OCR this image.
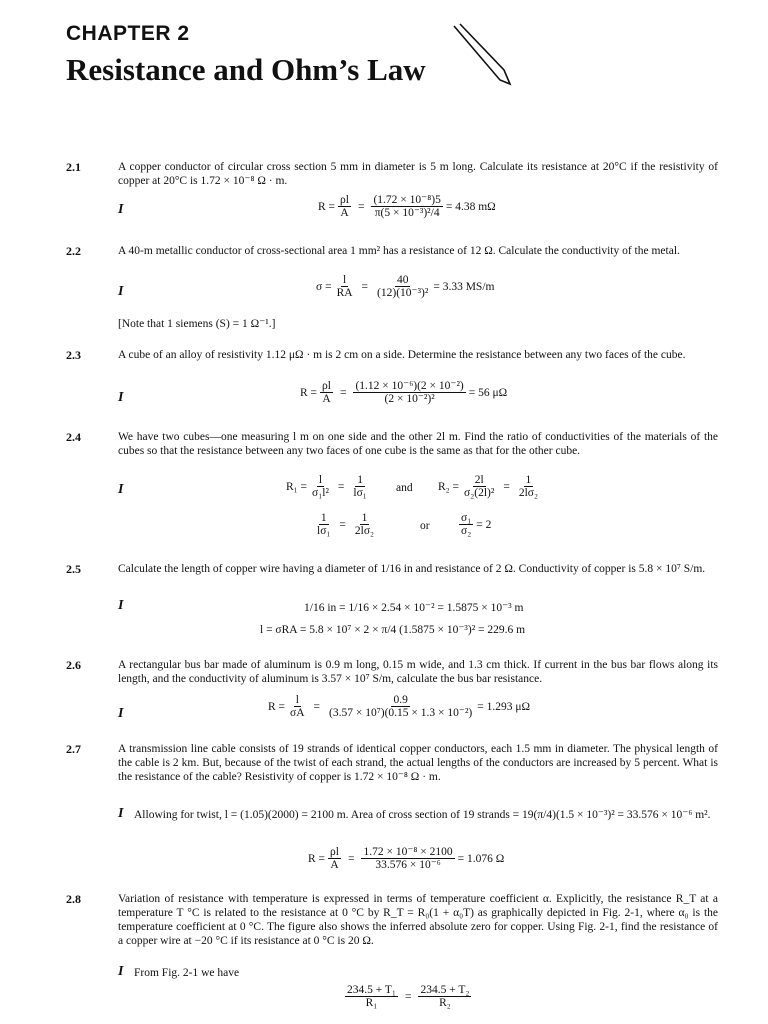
CHAPTER 2
Resistance and Ohm’s Law
2.1	A copper conductor of circular cross section 5 mm in diameter is 5 m long. Calculate its resistance at 20°C if the resistivity of copper at 20°C is 1.72 × 10⁻⁸ Ω · m.
I	$R = \frac{\rho l}{A} = \frac{\text{(1.72 × 10⁻⁸)5}}{\text{π(5 × 10⁻³)²/4}} = 4.38$ mΩ
2.2	A 40-m metallic conductor of cross-sectional area 1 mm² has a resistance of 12 Ω. Calculate the conductivity of the metal.
I	$\sigma = \frac{l}{RA} = \frac{40}{\text{(12)(10⁻³)²}} = 3.33$ MS/m
[Note that 1 siemens (S) = 1 Ω⁻¹.]
2.3	A cube of an alloy of resistivity 1.12 μΩ · m is 2 cm on a side. Determine the resistance between any two faces of the cube.
I	$R = \frac{\rho l}{A} = \frac{\text{(1.12 × 10⁻⁶)(2 × 10⁻²)}}{\text{(2 × 10⁻²)²}} = 56$ μΩ
2.4	We have two cubes—one measuring l m on one side and the other 2l m. Find the ratio of conductivities of the materials of the cubes so that the resistance between any two faces of one cube is the same as that for the other cube.
I	$R_1 = \frac{l}{\text{σ₁l²}} = \frac{1}{\text{lσ₁}}$ and $R_2 = \frac{2l}{\text{σ₂(2l)²}} = \frac{1}{\text{2lσ₂}}$
$\frac{1}{\text{lσ₁}} = \frac{1}{\text{2lσ₂}}$	or	$\frac{\text{σ₁}}{\text{σ₂}} = 2$
2.5	Calculate the length of copper wire having a diameter of 1/16 in and resistance of 2 Ω. Conductivity of copper is 5.8 × 10⁷ S/m.
I	1/16 in = 1/16 × 2.54 × 10⁻² = 1.5875 × 10⁻³ m
l = σRA = 5.8 × 10⁷ × 2 × π/4 (1.5875 × 10⁻³)² = 229.6 m
2.6	A rectangular bus bar made of aluminum is 0.9 m long, 0.15 m wide, and 1.3 cm thick. If current in the bus bar flows along its length, and the conductivity of aluminum is 3.57 × 10⁷ S/m, calculate the bus bar resistance.
I	$R = \frac{l}{\sigma A} = \frac{0.9}{\text{(3.57 × 10⁷)(0.15 × 1.3 × 10⁻²)}} = 1.293$ μΩ
2.7	A transmission line cable consists of 19 strands of identical copper conductors, each 1.5 mm in diameter. The physical length of the cable is 2 km. But, because of the twist of each strand, the actual lengths of the conductors are increased by 5 percent. What is the resistance of the cable? Resistivity of copper is 1.72 × 10⁻⁸ Ω · m.
I Allowing for twist, l = (1.05)(2000) = 2100 m. Area of cross section of 19 strands = 19(π/4)(1.5 × 10⁻³)² = 33.576 × 10⁻⁶ m².
$R = \frac{\rho l}{A} = \frac{\text{1.72 × 10⁻⁸ × 2100}}{\text{33.576 × 10⁻⁶}} = 1.076$ Ω
2.8	Variation of resistance with temperature is expressed in terms of temperature coefficient α. Explicitly, the resistance R_T at a temperature T °C is related to the resistance at 0 °C by R_T = R₀(1 + α₀T) as graphically depicted in Fig. 2-1, where α₀ is the temperature coefficient at 0 °C. The figure also shows the inferred absolute zero for copper. Using Fig. 2-1, find the resistance of a copper wire at −20 °C if its resistance at 0 °C is 20 Ω.
I From Fig. 2-1 we have
$\frac{\text{234.5 + T₁}}{\text{R₁}} = \frac{\text{234.5 + T₂}}{\text{R₂}}$
